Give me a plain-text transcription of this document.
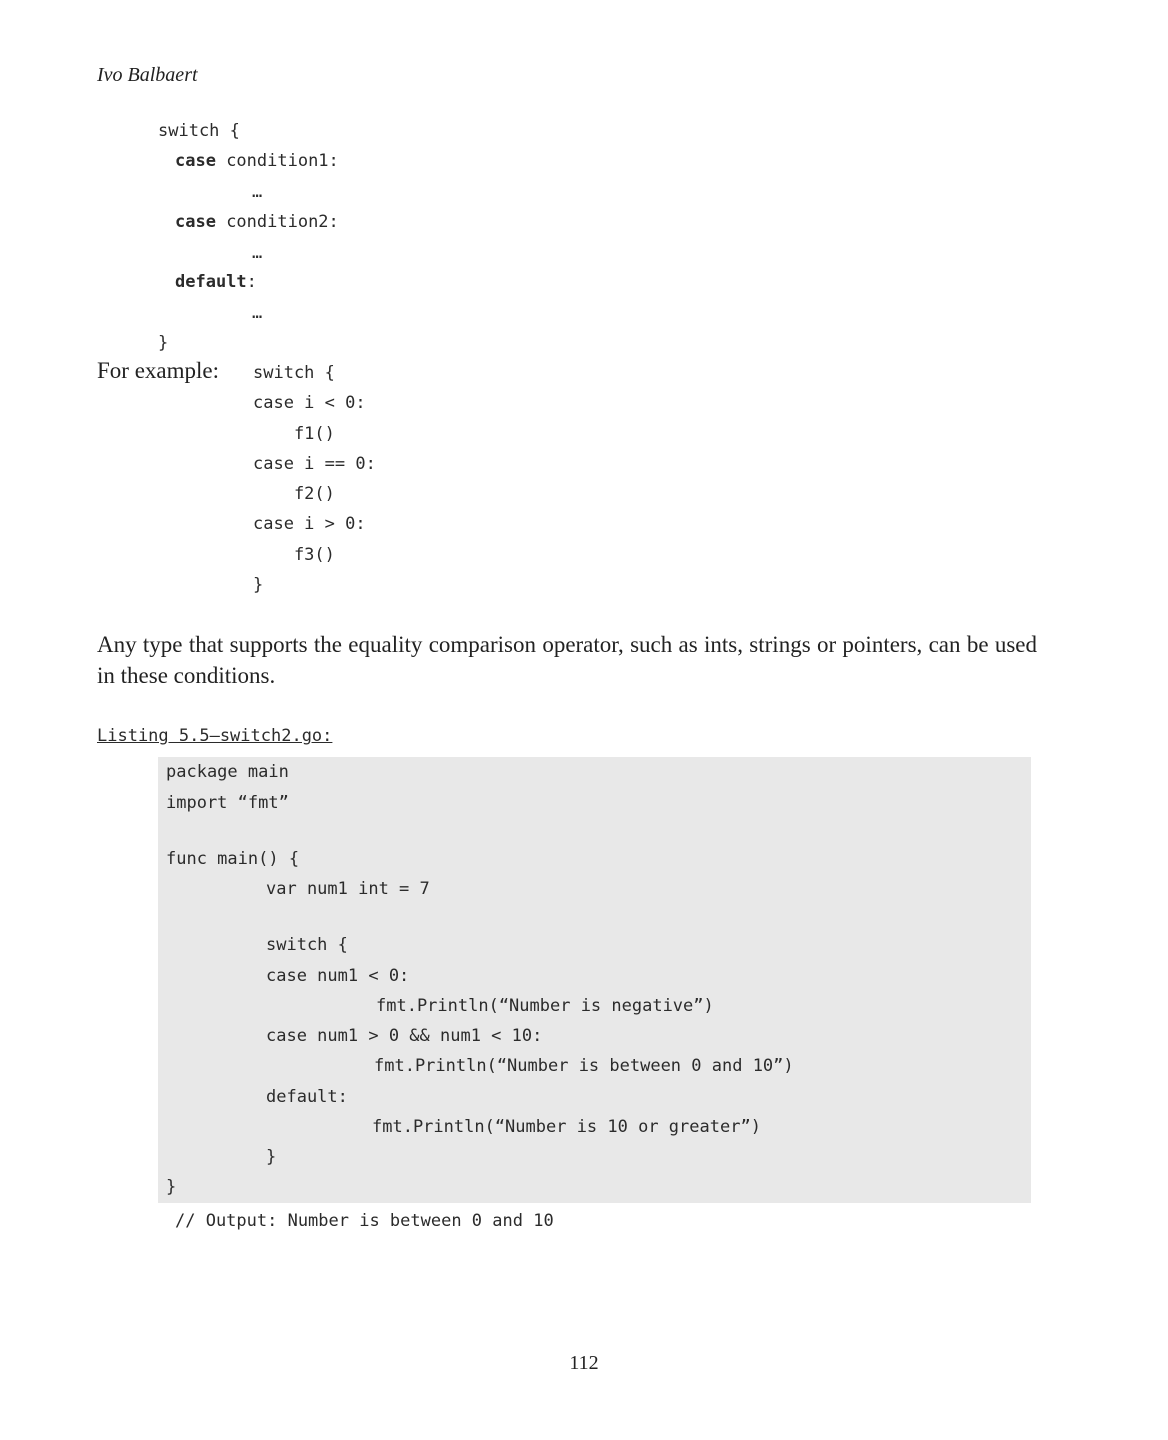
Ivo Balbaert
switch {
case condition1:
…
case condition2:
…
default:
…
}
For example: switch {
case i < 0:
f1()
case i == 0:
f2()
case i > 0:
f3()
}
Any type that supports the equality comparison operator, such as ints, strings or pointers, can be used in these conditions.
Listing 5.5—switch2.go:
package main
import “fmt”
func main() {
var num1 int = 7
switch {
case num1 < 0:
fmt.Println(“Number is negative”)
case num1 > 0 && num1 < 10:
fmt.Println(“Number is between 0 and 10”)
default:
fmt.Println(“Number is 10 or greater”)
}
}
// Output: Number is between 0 and 10
112
